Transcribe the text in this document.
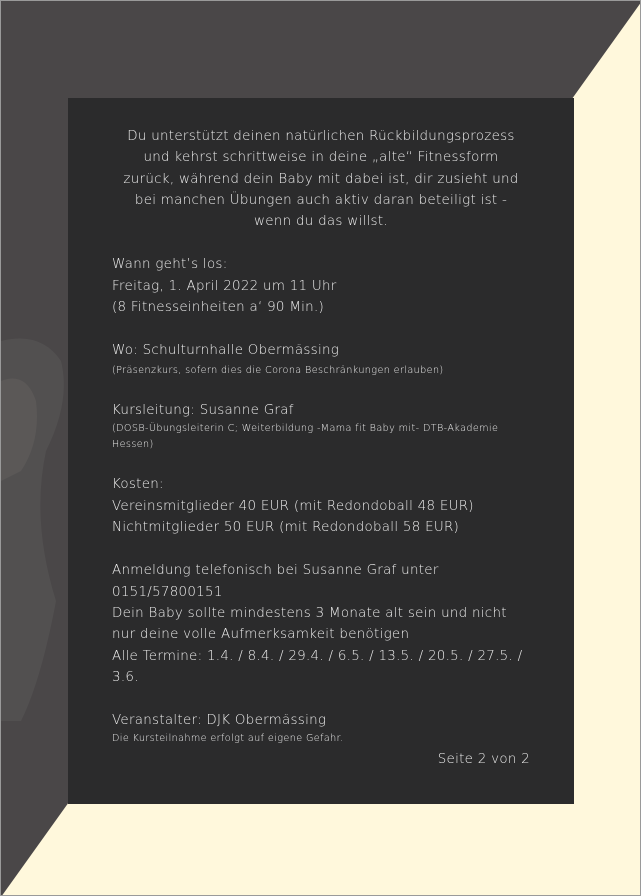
Du unterstützt deinen natürlichen Rückbildungsprozess und kehrst schrittweise in deine „alte“ Fitnessform zurück, während dein Baby mit dabei ist, dir zusieht und bei manchen Übungen auch aktiv daran beteiligt ist - wenn du das willst.
Wann geht’s los:
Freitag, 1. April 2022 um 11 Uhr
(8 Fitnesseinheiten a‘ 90 Min.)
Wo: Schulturnhalle Obermässing
(Präsenzkurs, sofern dies die Corona Beschränkungen erlauben)
Kursleitung: Susanne Graf
(DOSB-Übungsleiterin C; Weiterbildung -Mama fit Baby mit- DTB-Akademie Hessen)
Kosten:
Vereinsmitglieder 40 EUR (mit Redondoball 48 EUR)
Nichtmitglieder 50 EUR (mit Redondoball 58 EUR)
Anmeldung telefonisch bei Susanne Graf unter 0151/57800151
Dein Baby sollte mindestens 3 Monate alt sein und nicht nur deine volle Aufmerksamkeit benötigen
Alle Termine: 1.4. / 8.4. / 29.4. / 6.5. / 13.5. / 20.5. / 27.5. / 3.6.
Veranstalter: DJK Obermässing
Die Kursteilnahme erfolgt auf eigene Gefahr.
Seite 2 von 2
